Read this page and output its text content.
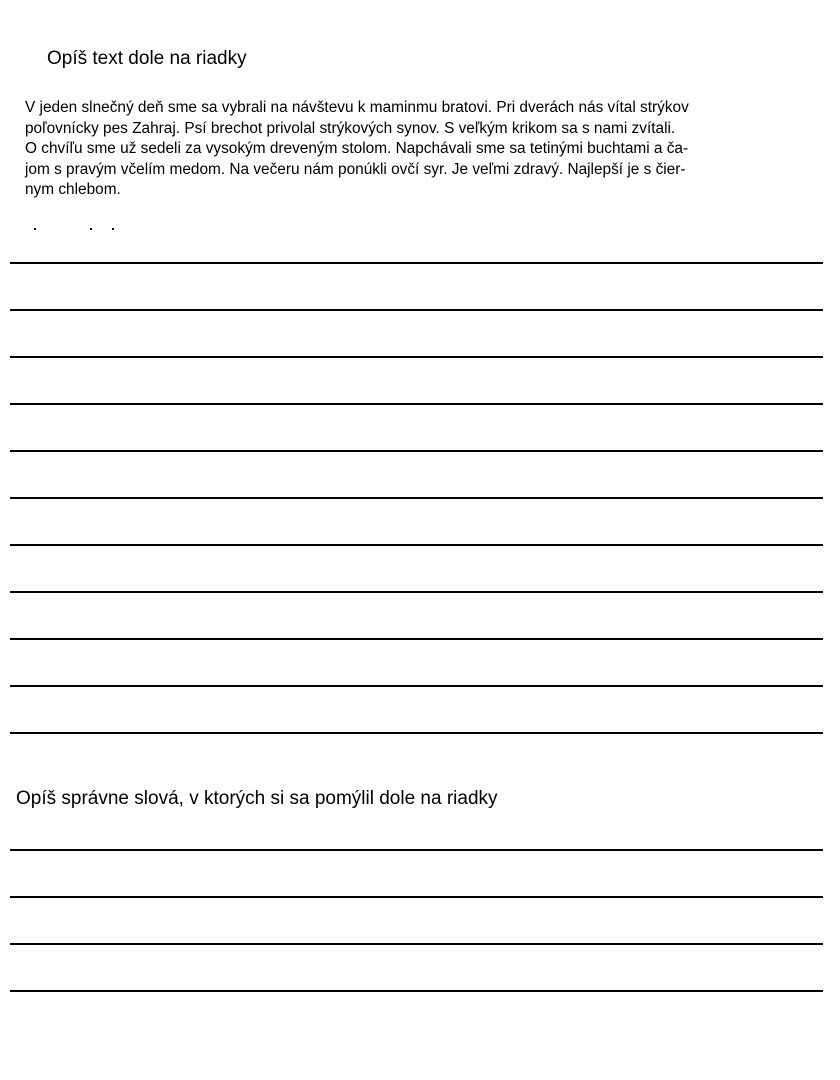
Opíš text dole na riadky
V jeden slnečný deň sme sa vybrali na návštevu k maminmu bratovi. Pri dverách nás vítal strýkov
poľovnícky pes Zahraj. Psí brechot privolal strýkových synov. S veľkým krikom sa s nami zvítali.
O chvíľu sme už sedeli za vysokým dreveným stolom. Napchávali sme sa tetinými buchtami a ča-
jom s pravým včelím medom. Na večeru nám ponúkli ovčí syr. Je veľmi zdravý. Najlepší je s čier-
nym chlebom.
Opíš správne slová, v ktorých si sa pomýlil dole na riadky
